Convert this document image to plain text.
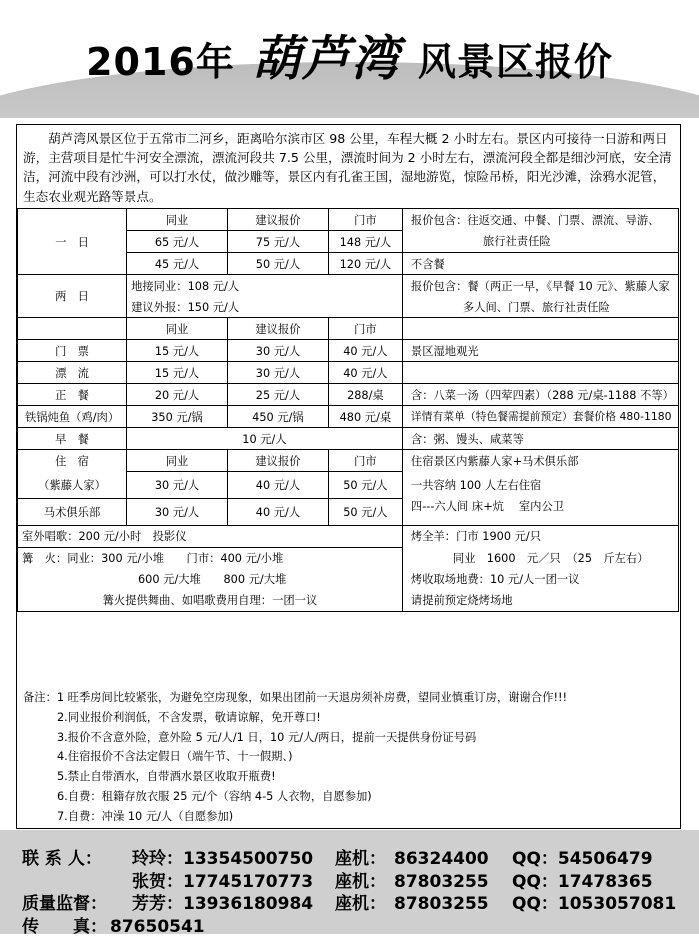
2016年 葫芦湾 风景区报价
葫芦湾风景区位于五常市二河乡，距离哈尔滨市区 98 公里，车程大概 2 小时左右。景区内可接待一日游和两日游，主营项目是忙牛河安全漂流，漂流河段共 7.5 公里，漂流时间为 2 小时左右，漂流河段全都是细沙河底，安全清洁，河流中段有沙洲，可以打水仗，做沙雕等，景区内有孔雀王国，湿地游览，惊险吊桥，阳光沙滩，涂鸦水泥管，生态农业观光路等景点。
一　日	同业	建议报价	门市	报价包含：往返交通、中餐、门票、漂流、导游、
	65 元/人	75 元/人	148 元/人	旅行社责任险
	45 元/人	50 元/人	120 元/人	不含餐
两　日	地接同业：108 元/人			报价包含：餐（两正一早，《早餐 10 元》、紫藤人家
	建议外报：150 元/人			多人间、门票、旅行社责任险
	同业	建议报价	门市	
门　票	15 元/人	30 元/人	40 元/人	景区湿地观光
漂　流	15 元/人	30 元/人	40 元/人	
正　餐	20 元/人	25 元/人	288/桌	含：八菜一汤（四荤四素）（288 元/桌-1188 不等）
铁锅炖鱼（鸡/肉）	350 元/锅	450 元/锅	480 元/桌	详情有菜单（特色餐需提前预定）套餐价格 480-1180
早　餐	10 元/人			含：粥、馒头、咸菜等
住　宿	同业	建议报价	门市	住宿景区内紫藤人家+马术俱乐部
（紫藤人家）	30 元/人	40 元/人	50 元/人	一共容纳 100 人左右住宿
马术俱乐部	30 元/人	40 元/人	50 元/人	四---六人间 床+炕　 室内公卫
室外唱歌：200 元/小时　投影仪				烤全羊：门市 1900 元/只
篝　火：同业：300 元/小堆　　门市：400 元/小堆				同业　1600　元／只　（25　斤左右）
600 元/大堆　　800 元/大堆				烤收取场地费：10 元/人一团一议
篝火提供舞曲、如唱歌费用自理：一团一议				请提前预定烧烤场地
备注：1 旺季房间比较紧张，为避免空房现象，如果出团前一天退房须补房费，望同业慎重订房，谢谢合作!!!
2.同业报价利润低，不含发票，敬请谅解，免开尊口!
3.报价不含意外险，意外险 5 元/人/1 日，10 元/人/两日，提前一天提供身份证号码
4.住宿报价不含法定假日（端午节、十一假期、)
5.禁止自带酒水，自带酒水景区收取开瓶费!
6.自费：租籍存放衣服 25 元/个（容纳 4-5 人衣物，自愿参加)
7.自费：冲澡 10 元/人（自愿参加)
联 系 人： 玲玲：13354500750 座机： 86324400 QQ：54506479
张贺：17745170773 座机： 87803255 QQ：17478365
质量监督： 芳芳：13936180984 座机： 87803255 QQ：1053057081
传　　真： 87650541
